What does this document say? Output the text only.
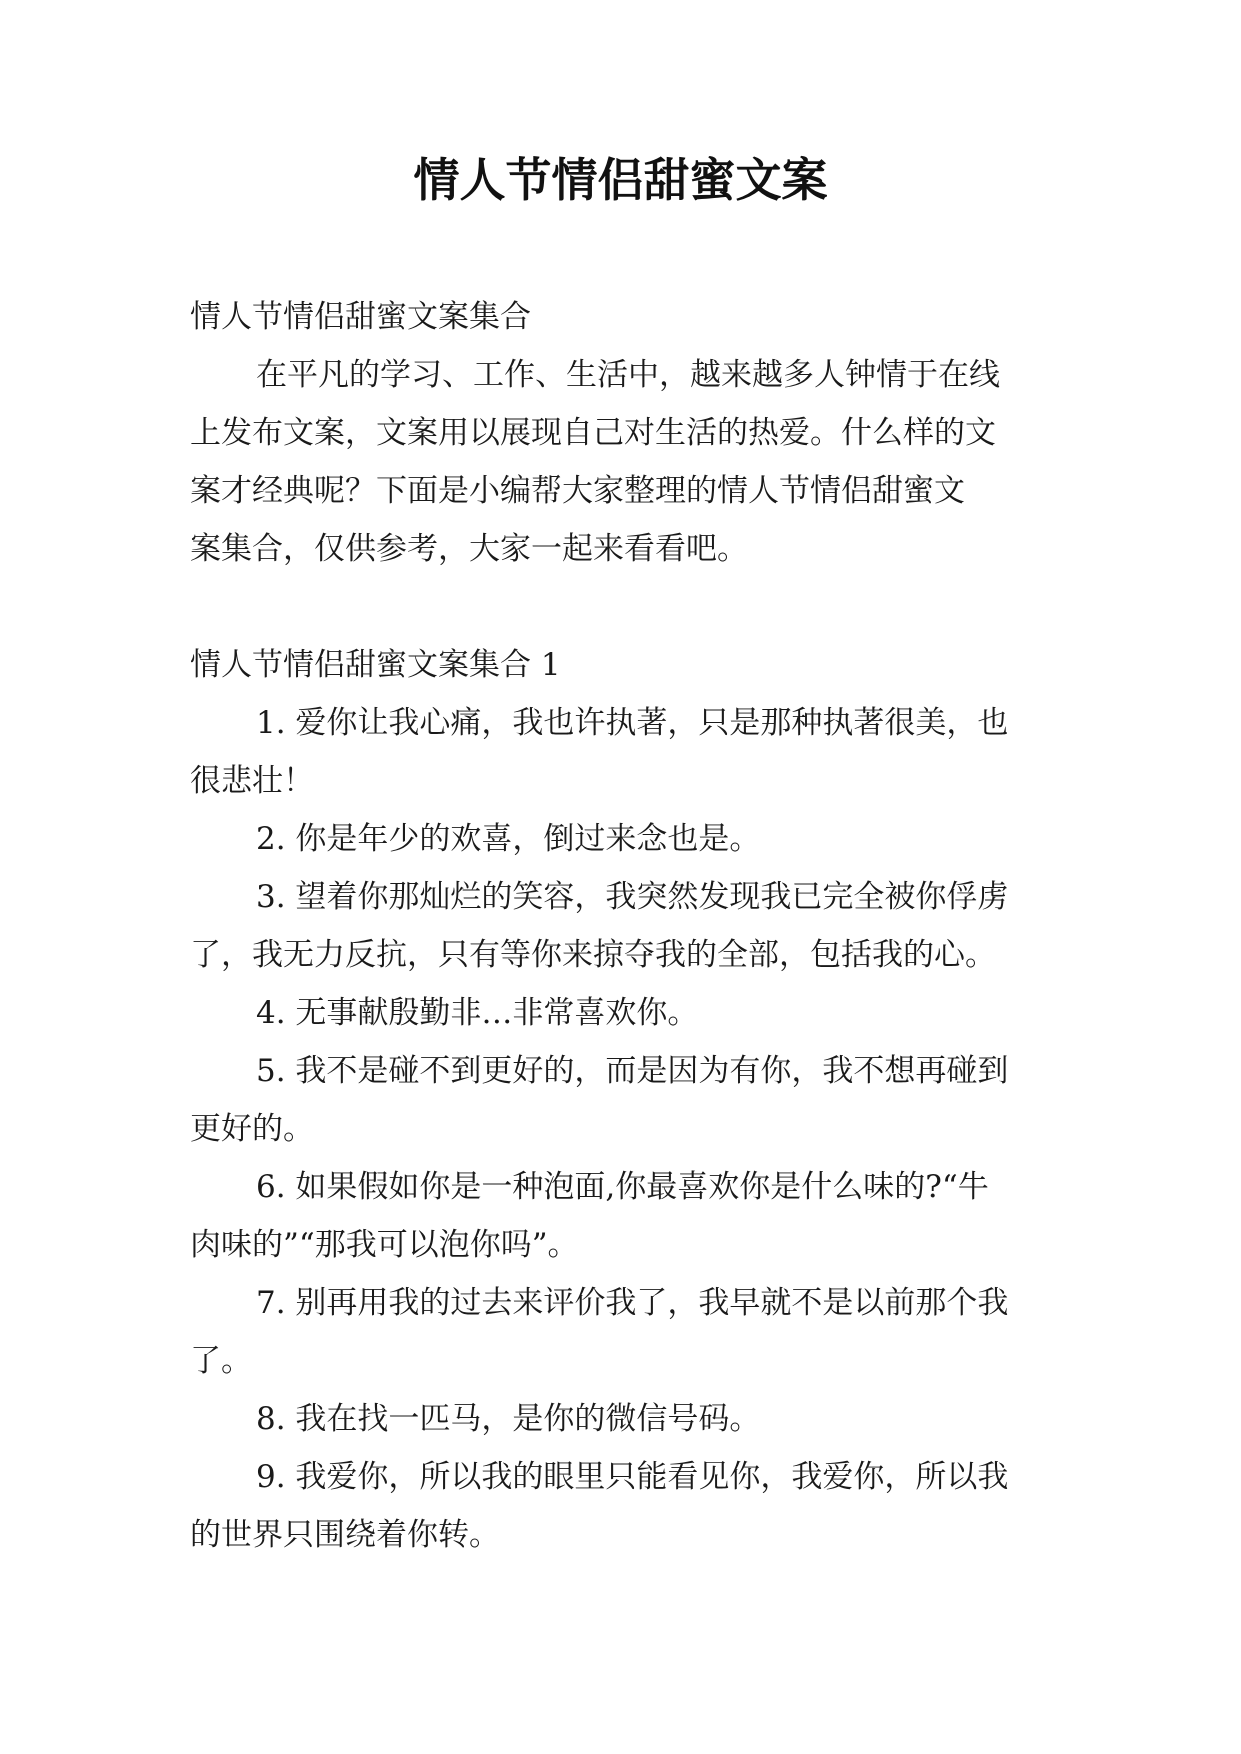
情人节情侣甜蜜文案

情人节情侣甜蜜文案集合

在平凡的学习、工作、生活中，越来越多人钟情于在线

上发布文案，文案用以展现自己对生活的热爱。什么样的文

案才经典呢？下面是小编帮大家整理的情人节情侣甜蜜文

案集合，仅供参考，大家一起来看看吧。

情人节情侣甜蜜文案集合 1

1. 爱你让我心痛，我也许执著，只是那种执著很美，也

很悲壮！

2. 你是年少的欢喜，倒过来念也是。

3. 望着你那灿烂的笑容，我突然发现我已完全被你俘虏

了，我无力反抗，只有等你来掠夺我的全部，包括我的心。

4. 无事献殷勤非…非常喜欢你。

5. 我不是碰不到更好的，而是因为有你，我不想再碰到

更好的。

6. 如果假如你是一种泡面,你最喜欢你是什么味的?“牛

肉味的”“那我可以泡你吗”。

7. 别再用我的过去来评价我了，我早就不是以前那个我

了。

8. 我在找一匹马，是你的微信号码。

9. 我爱你，所以我的眼里只能看见你，我爱你，所以我

的世界只围绕着你转。
